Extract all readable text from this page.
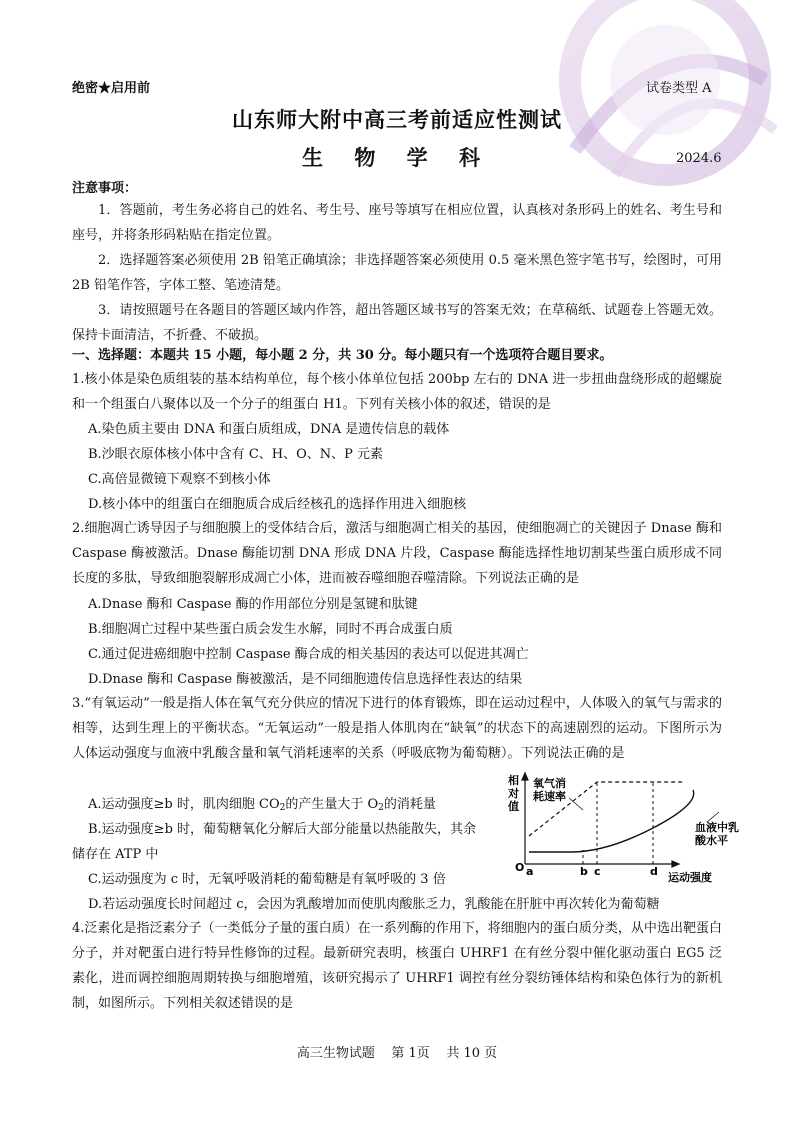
绝密★启用前	试卷类型 A
山东师大附中高三考前适应性测试
生 物 学 科	2024.6
注意事项：
1．答题前，考生务必将自己的姓名、考生号、座号等填写在相应位置，认真核对条形码上的姓名、考生号和座号，并将条形码粘贴在指定位置。
2．选择题答案必须使用 2B 铅笔正确填涂；非选择题答案必须使用 0.5 毫米黑色签字笔书写，绘图时，可用 2B 铅笔作答，字体工整、笔迹清楚。
3．请按照题号在各题目的答题区域内作答，超出答题区域书写的答案无效；在草稿纸、试题卷上答题无效。保持卡面清洁，不折叠、不破损。
一、选择题：本题共 15 小题，每小题 2 分，共 30 分。每小题只有一个选项符合题目要求。
1.核小体是染色质组装的基本结构单位，每个核小体单位包括 200bp 左右的 DNA 进一步扭曲盘绕形成的超螺旋和一个组蛋白八聚体以及一个分子的组蛋白 H1。下列有关核小体的叙述，错误的是
A.染色质主要由 DNA 和蛋白质组成，DNA 是遗传信息的载体
B.沙眼衣原体核小体中含有 C、H、O、N、P 元素
C.高倍显微镜下观察不到核小体
D.核小体中的组蛋白在细胞质合成后经核孔的选择作用进入细胞核
2.细胞凋亡诱导因子与细胞膜上的受体结合后，激活与细胞凋亡相关的基因，使细胞凋亡的关键因子 Dnase 酶和 Caspase 酶被激活。Dnase 酶能切割 DNA 形成 DNA 片段，Caspase 酶能选择性地切割某些蛋白质形成不同长度的多肽，导致细胞裂解形成凋亡小体，进而被吞噬细胞吞噬清除。下列说法正确的是
A.Dnase 酶和 Caspase 酶的作用部位分别是氢键和肽键
B.细胞凋亡过程中某些蛋白质会发生水解，同时不再合成蛋白质
C.通过促进癌细胞中控制 Caspase 酶合成的相关基因的表达可以促进其凋亡
D.Dnase 酶和 Caspase 酶被激活，是不同细胞遗传信息选择性表达的结果
3.“有氧运动”一般是指人体在氧气充分供应的情况下进行的体育锻炼，即在运动过程中，人体吸入的氧气与需求的相等，达到生理上的平衡状态。“无氧运动”一般是指人体肌肉在“缺氧”的状态下的高速剧烈的运动。下图所示为人体运动强度与血液中乳酸含量和氧气消耗速率的关系（呼吸底物为葡萄糖）。下列说法正确的是
A.运动强度≥b 时，肌肉细胞 $CO_2$的产生量大于 $O_2$的消耗量
B.运动强度≥b 时，葡萄糖氧化分解后大部分能量以热能散失，其余
储存在 ATP 中
C.运动强度为 c 时，无氧呼吸消耗的葡萄糖是有氧呼吸的 3 倍
D.若运动强度长时间超过 c，会因为乳酸增加而使肌肉酸胀乏力，乳酸能在肝脏中再次转化为葡萄糖
相
对
值
O
运动强度
a	b c	d
氧气消
耗速率
血液中乳
酸水平
4.泛素化是指泛素分子（一类低分子量的蛋白质）在一系列酶的作用下，将细胞内的蛋白质分类，从中选出靶蛋白分子，并对靶蛋白进行特异性修饰的过程。最新研究表明，核蛋白 UHRF1 在有丝分裂中催化驱动蛋白 EG5 泛素化，进而调控细胞周期转换与细胞增殖，该研究揭示了 UHRF1 调控有丝分裂纺锤体结构和染色体行为的新机制，如图所示。下列相关叙述错误的是
高三生物试题    第 1页    共 10 页
